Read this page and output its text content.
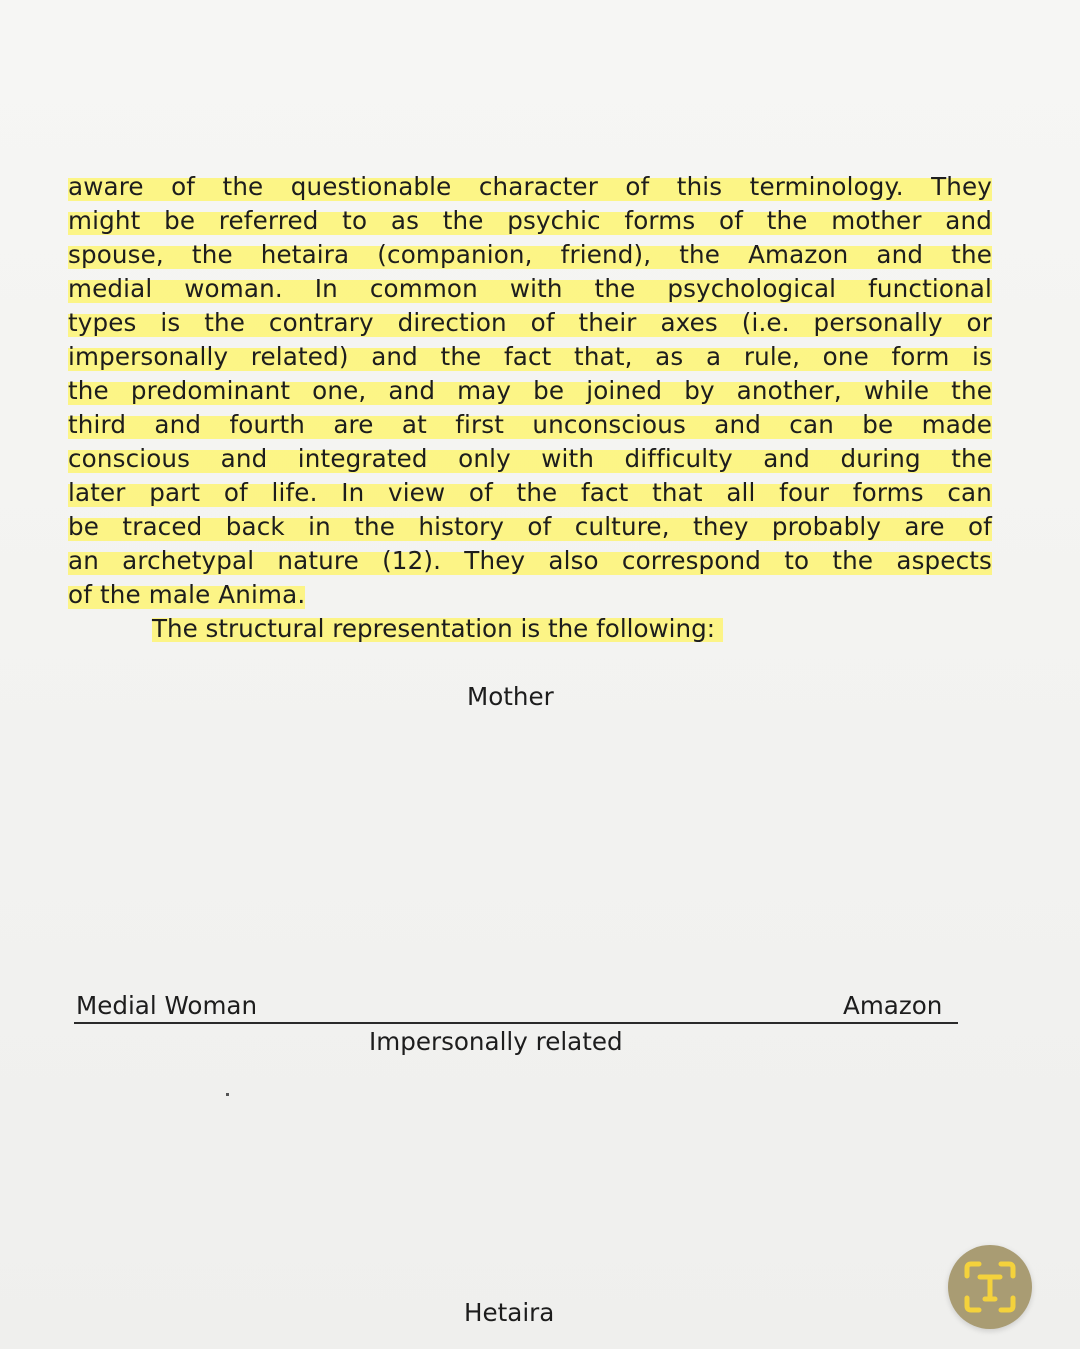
aware of the questionable character of this terminology. They
might be referred to as the psychic forms of the mother and
spouse, the hetaira (companion, friend), the Amazon and the
medial woman. In common with the psychological functional
types is the contrary direction of their axes (i.e. personally or
impersonally related) and the fact that, as a rule, one form is
the predominant one, and may be joined by another, while the
third and fourth are at first unconscious and can be made
conscious and integrated only with difficulty and during the
later part of life. In view of the fact that all four forms can
be traced back in the history of culture, they probably are of
an archetypal nature (12). They also correspond to the aspects
of the male Anima.
The structural representation is the following:
Mother
Medial Woman	Amazon
Impersonally related
Hetaira
